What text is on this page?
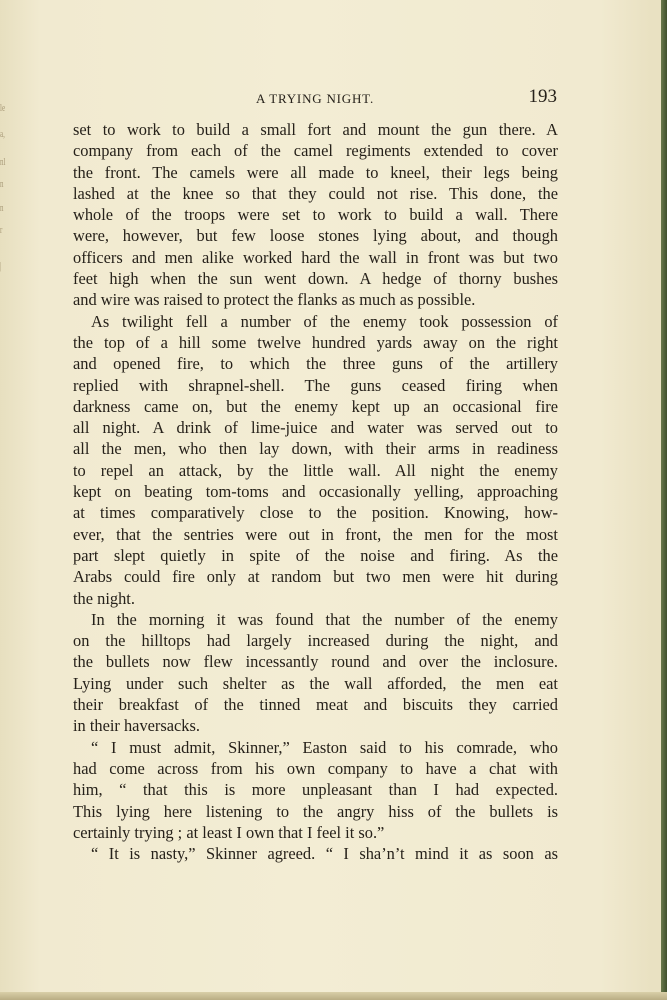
le
a,
nl
n
n
r
|
A TRYING NIGHT.	193
set to work to build a small fort and mount the gun there. A
company from each of the camel regiments extended to cover
the front. The camels were all made to kneel, their legs being
lashed at the knee so that they could not rise. This done, the
whole of the troops were set to work to build a wall. There
were, however, but few loose stones lying about, and though
officers and men alike worked hard the wall in front was but two
feet high when the sun went down. A hedge of thorny bushes
and wire was raised to protect the flanks as much as possible.
As twilight fell a number of the enemy took possession of
the top of a hill some twelve hundred yards away on the right
and opened fire, to which the three guns of the artillery
replied with shrapnel-shell. The guns ceased firing when
darkness came on, but the enemy kept up an occasional fire
all night. A drink of lime-juice and water was served out to
all the men, who then lay down, with their arms in readiness
to repel an attack, by the little wall. All night the enemy
kept on beating tom-toms and occasionally yelling, approaching
at times comparatively close to the position. Knowing, how-
ever, that the sentries were out in front, the men for the most
part slept quietly in spite of the noise and firing. As the
Arabs could fire only at random but two men were hit during
the night.
In the morning it was found that the number of the enemy
on the hilltops had largely increased during the night, and
the bullets now flew incessantly round and over the inclosure.
Lying under such shelter as the wall afforded, the men eat
their breakfast of the tinned meat and biscuits they carried
in their haversacks.
“ I must admit, Skinner,” Easton said to his comrade, who
had come across from his own company to have a chat with
him, “ that this is more unpleasant than I had expected.
This lying here listening to the angry hiss of the bullets is
certainly trying ; at least I own that I feel it so.”
“ It is nasty,” Skinner agreed. “ I sha’n’t mind it as soon as
